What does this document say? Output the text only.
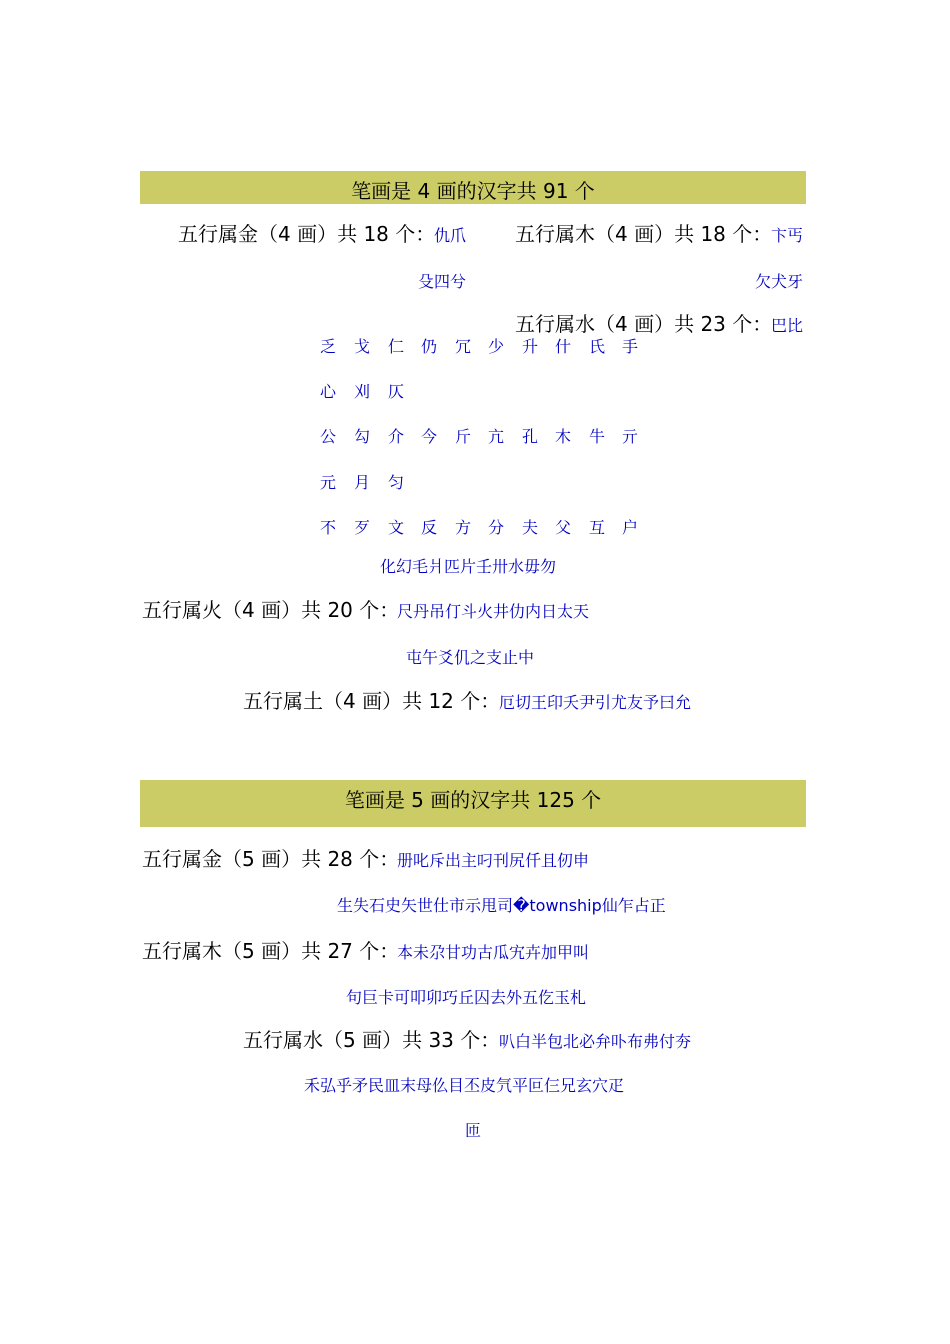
笔画是 4 画的汉字共 91 个
五行属金（4 画）共 18 个：
仇爪
殳四兮
五行属木（4 画）共 18 个：
卞丐
欠犬牙
五行属水（4 画）共 23 个：
巴比
乏 戈 仁 仍 冗 少 升 什 氏 手
心 刈 仄
公 勾 介 今 斤 亢 孔 木 牛 亓
元 月 匀
不 歹 文 反 方 分 夫 父 互 户
化幻毛爿匹片壬卅水毋勿
五行属火（4 画）共 20 个：
尺丹吊仃斗火井仂内日太天
屯午爻仉之支止中
五行属土（4 画）共 12 个：
厄切王印夭尹引尤友予曰允
笔画是 5 画的汉字共 125 个
五行属金（5 画）共 28 个：
册叱斥出主叼刊尻仟且仞申
生失石史矢世仕市示甩司�township仙乍占正
五行属木（5 画）共 27 个：
本未尕甘功古瓜宄卉加甲叫
句巨卡可叩卯巧丘囚去外五仡玉札
五行属水（5 画）共 33 个：
叭白半包北必弁卟布弗付夯
禾弘乎矛民皿末母仫目丕皮氕平叵仨兄玄穴疋
匝
